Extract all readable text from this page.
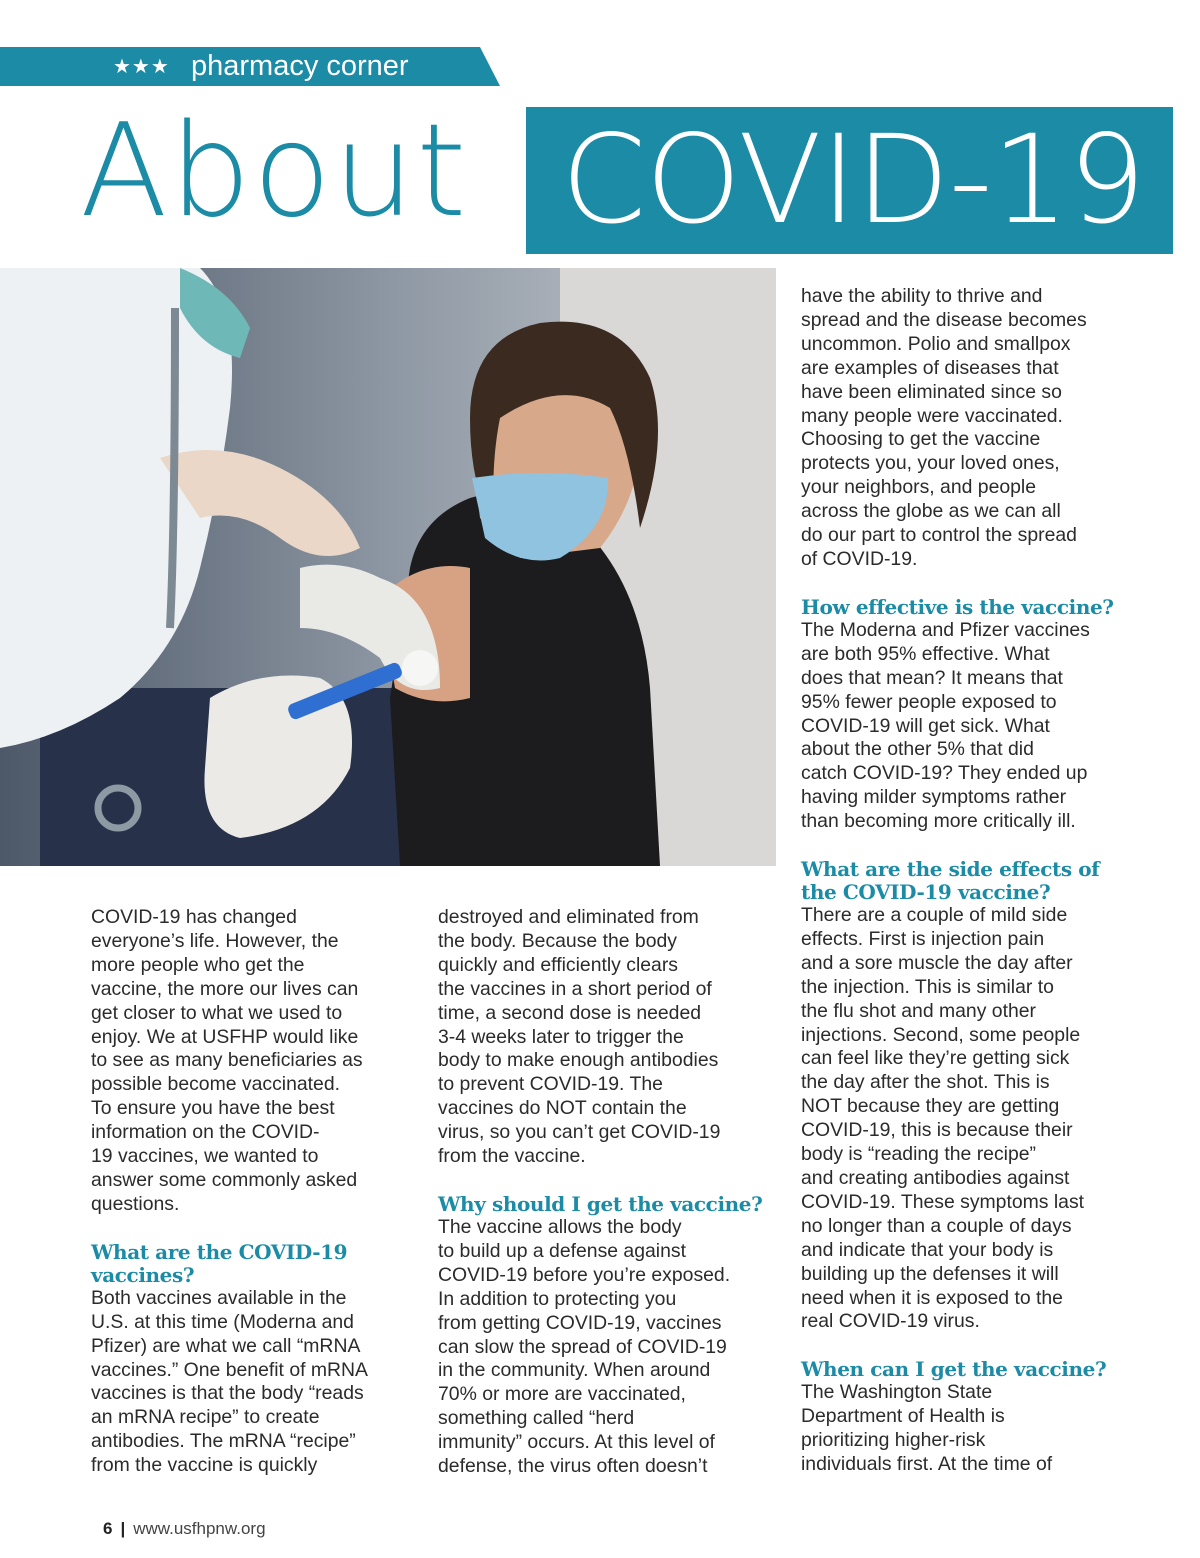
★★★ pharmacy corner
About COVID-19

COVID-19 has changed
everyone’s life. However, the
more people who get the
vaccine, the more our lives can
get closer to what we used to
enjoy. We at USFHP would like
to see as many beneficiaries as
possible become vaccinated.
To ensure you have the best
information on the COVID-
19 vaccines, we wanted to
answer some commonly asked
questions.

What are the COVID-19
vaccines?

Both vaccines available in the
U.S. at this time (Moderna and
Pfizer) are what we call “mRNA
vaccines.” One benefit of mRNA
vaccines is that the body “reads
an mRNA recipe” to create
antibodies. The mRNA “recipe”
from the vaccine is quickly

destroyed and eliminated from
the body. Because the body
quickly and efficiently clears
the vaccines in a short period of
time, a second dose is needed
3-4 weeks later to trigger the
body to make enough antibodies
to prevent COVID-19. The
vaccines do NOT contain the
virus, so you can’t get COVID-19
from the vaccine.

Why should I get the vaccine?

The vaccine allows the body
to build up a defense against
COVID-19 before you’re exposed.
In addition to protecting you
from getting COVID-19, vaccines
can slow the spread of COVID-19
in the community. When around
70% or more are vaccinated,
something called “herd
immunity” occurs. At this level of
defense, the virus often doesn’t

have the ability to thrive and
spread and the disease becomes
uncommon. Polio and smallpox
are examples of diseases that
have been eliminated since so
many people were vaccinated.
Choosing to get the vaccine
protects you, your loved ones,
your neighbors, and people
across the globe as we can all
do our part to control the spread
of COVID-19.

How effective is the vaccine?

The Moderna and Pfizer vaccines
are both 95% effective. What
does that mean? It means that
95% fewer people exposed to
COVID-19 will get sick. What
about the other 5% that did
catch COVID-19? They ended up
having milder symptoms rather
than becoming more critically ill.

What are the side effects of
the COVID-19 vaccine?

There are a couple of mild side
effects. First is injection pain
and a sore muscle the day after
the injection. This is similar to
the flu shot and many other
injections. Second, some people
can feel like they’re getting sick
the day after the shot. This is
NOT because they are getting
COVID-19, this is because their
body is “reading the recipe”
and creating antibodies against
COVID-19. These symptoms last
no longer than a couple of days
and indicate that your body is
building up the defenses it will
need when it is exposed to the
real COVID-19 virus.

When can I get the vaccine?

The Washington State
Department of Health is
prioritizing higher-risk
individuals first. At the time of

6 | www.usfhpnw.org
